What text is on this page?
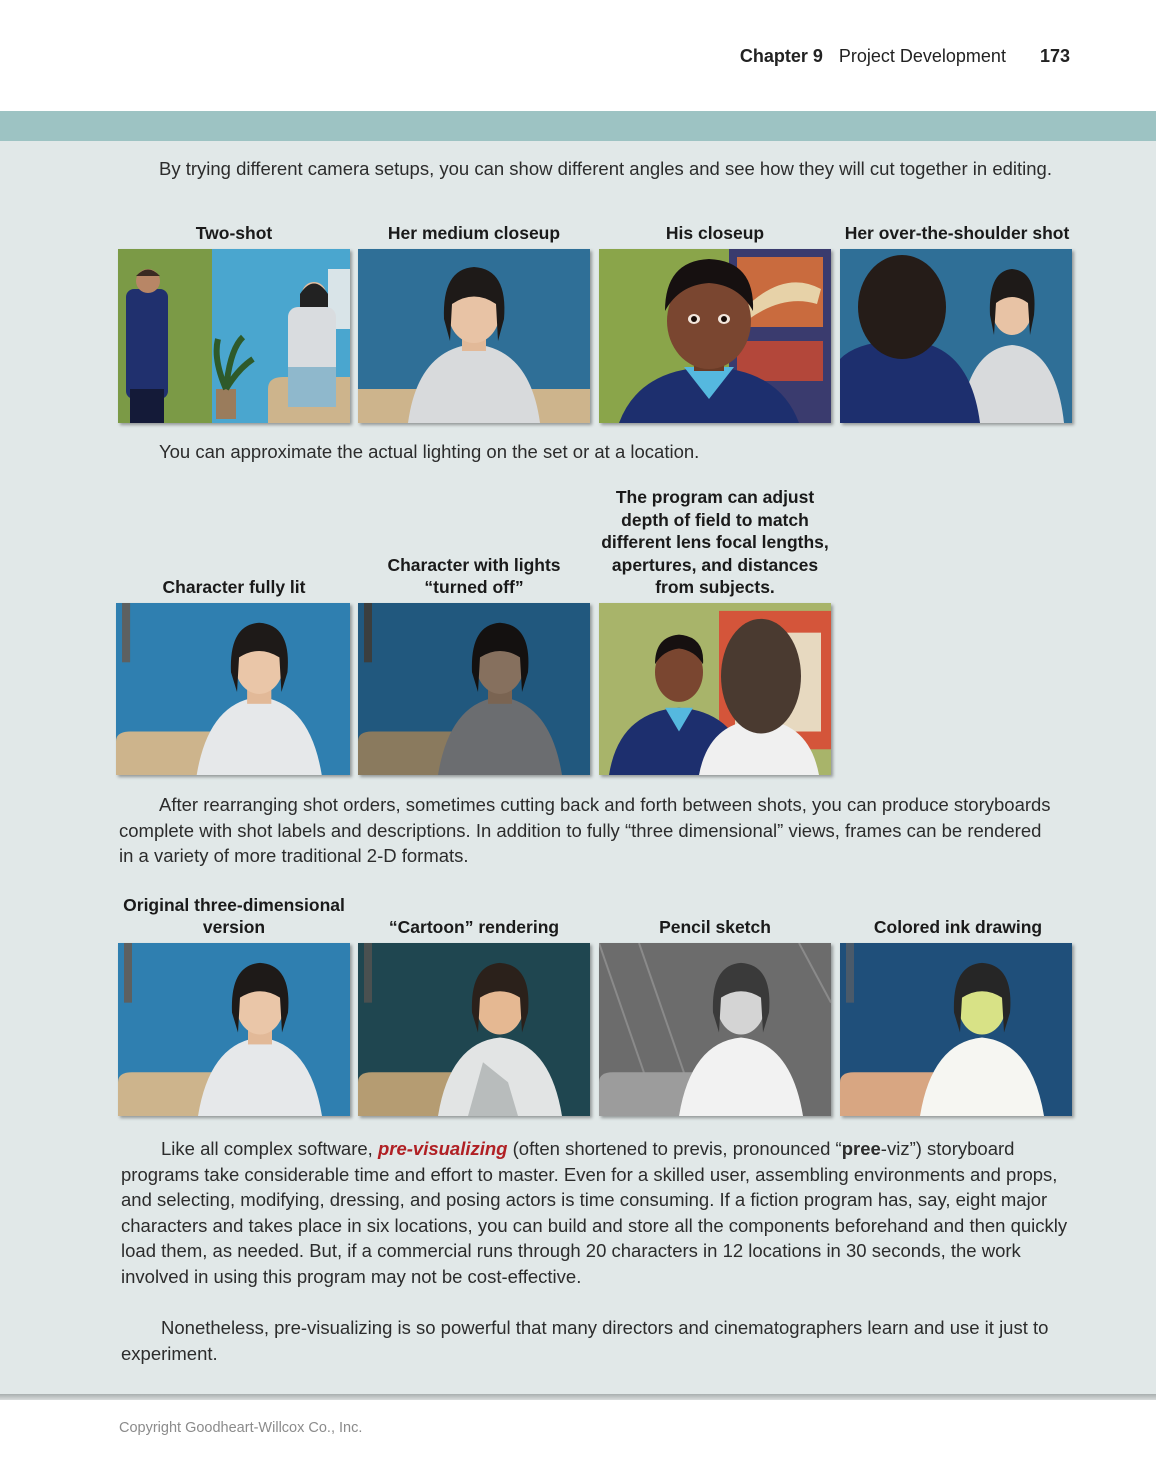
Chapter 9 Project Development 173

By trying different camera setups, you can show different angles and see how they will cut together in editing.

Two-shot	Her medium closeup	His closeup	Her over-the-shoulder shot

You can approximate the actual lighting on the set or at a location.

Character fully lit
Character with lights “turned off”
The program can adjust depth of field to match different lens focal lengths, apertures, and distances from subjects.

After rearranging shot orders, sometimes cutting back and forth between shots, you can produce storyboards complete with shot labels and descriptions. In addition to fully “three dimensional” views, frames can be rendered in a variety of more traditional 2-D formats.

Original three-dimensional version	“Cartoon” rendering	Pencil sketch	Colored ink drawing

Like all complex software, pre-visualizing (often shortened to previs, pronounced “pree-viz”) storyboard programs take considerable time and effort to master. Even for a skilled user, assembling environments and props, and selecting, modifying, dressing, and posing actors is time consuming. If a fiction program has, say, eight major characters and takes place in six locations, you can build and store all the components beforehand and then quickly load them, as needed. But, if a commercial runs through 20 characters in 12 locations in 30 seconds, the work involved in using this program may not be cost-effective.

Nonetheless, pre-visualizing is so powerful that many directors and cinematographers learn and use it just to experiment.

Copyright Goodheart-Willcox Co., Inc.
